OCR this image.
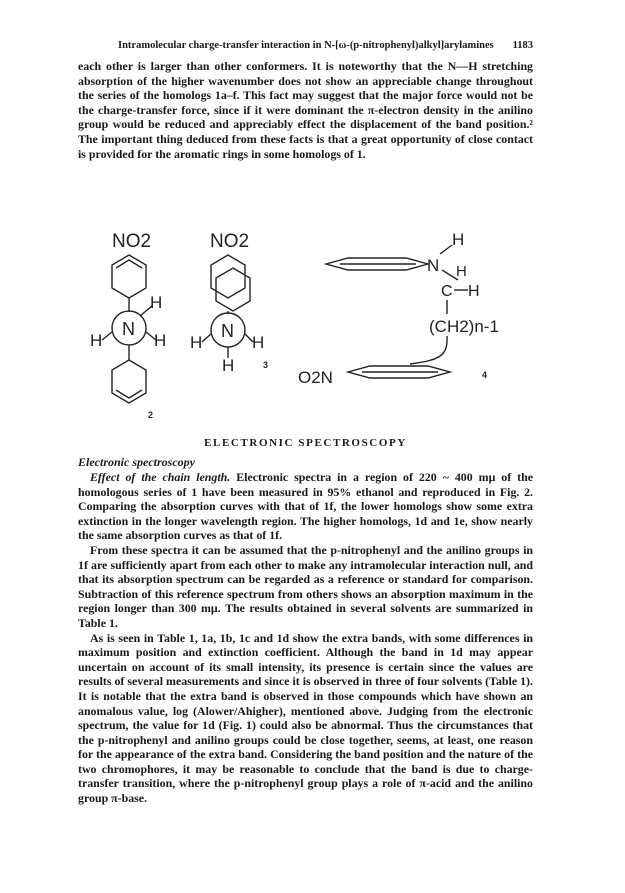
Intramolecular charge-transfer interaction in N-[ω-(p-nitrophenyl)alkyl]arylamines 1183

each other is larger than other conformers. It is noteworthy that the N—H stretching absorption of the higher wavenumber does not show an appreciable change throughout the series of the homologs 1a–f. This fact may suggest that the major force would not be the charge-transfer force, since if it were dominant the π-electron density in the anilino group would be reduced and appreciably effect the displacement of the band position.² The important thing deduced from these facts is that a great opportunity of close contact is provided for the aromatic rings in some homologs of 1.

NO2
N
H
H	H
2
NO2
N
H	H
H	3
N
H
H
C H
(CH2)n-1
O2N	4
ELECTRONIC SPECTROSCOPY
Electronic spectroscopy

Effect of the chain length. Electronic spectra in a region of 220 ~ 400 mμ of the homologous series of 1 have been measured in 95% ethanol and reproduced in Fig. 2. Comparing the absorption curves with that of 1f, the lower homologs show some extra extinction in the longer wavelength region. The higher homologs, 1d and 1e, show nearly the same absorption curves as that of 1f.

From these spectra it can be assumed that the p-nitrophenyl and the anilino groups in 1f are sufficiently apart from each other to make any intramolecular interaction null, and that its absorption spectrum can be regarded as a reference or standard for comparison. Subtraction of this reference spectrum from others shows an absorption maximum in the region longer than 300 mμ. The results obtained in several solvents are summarized in Table 1.

As is seen in Table 1, 1a, 1b, 1c and 1d show the extra bands, with some differences in maximum position and extinction coefficient. Although the band in 1d may appear uncertain on account of its small intensity, its presence is certain since the values are results of several measurements and since it is observed in three of four solvents (Table 1). It is notable that the extra band is observed in those compounds which have shown an anomalous value, log (Alower/Ahigher), mentioned above. Judging from the electronic spectrum, the value for 1d (Fig. 1) could also be abnormal. Thus the circumstances that the p-nitrophenyl and anilino groups could be close together, seems, at least, one reason for the appearance of the extra band. Considering the band position and the nature of the two chromophores, it may be reasonable to conclude that the band is due to charge-transfer transition, where the p-nitrophenyl group plays a role of π-acid and the anilino group π-base.
